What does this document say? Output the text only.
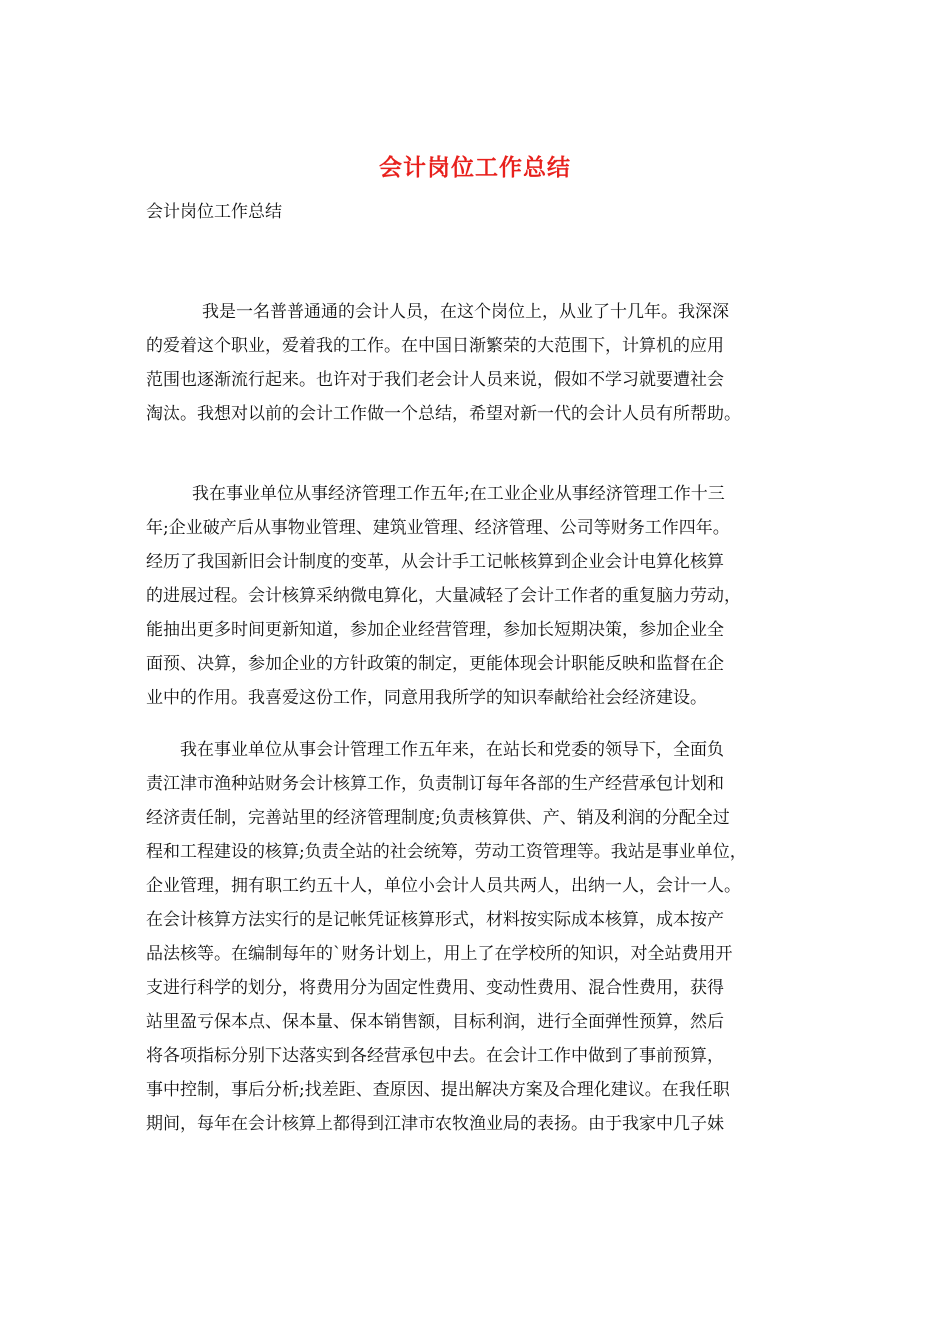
会计岗位工作总结
会计岗位工作总结
我是一名普普通通的会计人员，在这个岗位上，从业了十几年。我深深
的爱着这个职业，爱着我的工作。在中国日渐繁荣的大范围下，计算机的应用
范围也逐渐流行起来。也许对于我们老会计人员来说，假如不学习就要遭社会
淘汰。我想对以前的会计工作做一个总结，希望对新一代的会计人员有所帮助。
我在事业单位从事经济管理工作五年;在工业企业从事经济管理工作十三
年;企业破产后从事物业管理、建筑业管理、经济管理、公司等财务工作四年。
经历了我国新旧会计制度的变革，从会计手工记帐核算到企业会计电算化核算
的进展过程。会计核算采纳微电算化，大量减轻了会计工作者的重复脑力劳动，
能抽出更多时间更新知道，参加企业经营管理，参加长短期决策，参加企业全
面预、决算，参加企业的方针政策的制定，更能体现会计职能反映和监督在企
业中的作用。我喜爱这份工作，同意用我所学的知识奉献给社会经济建设。
我在事业单位从事会计管理工作五年来，在站长和党委的领导下，全面负
责江津市渔种站财务会计核算工作，负责制订每年各部的生产经营承包计划和
经济责任制，完善站里的经济管理制度;负责核算供、产、销及利润的分配全过
程和工程建设的核算;负责全站的社会统筹，劳动工资管理等。我站是事业单位，
企业管理，拥有职工约五十人，单位小会计人员共两人，出纳一人，会计一人。
在会计核算方法实行的是记帐凭证核算形式，材料按实际成本核算，成本按产
品法核等。在编制每年的`财务计划上，用上了在学校所的知识，对全站费用开
支进行科学的划分，将费用分为固定性费用、变动性费用、混合性费用，获得
站里盈亏保本点、保本量、保本销售额，目标利润，进行全面弹性预算，然后
将各项指标分别下达落实到各经营承包中去。在会计工作中做到了事前预算，
事中控制，事后分析;找差距、查原因、提出解决方案及合理化建议。在我任职
期间，每年在会计核算上都得到江津市农牧渔业局的表扬。由于我家中几子妹
